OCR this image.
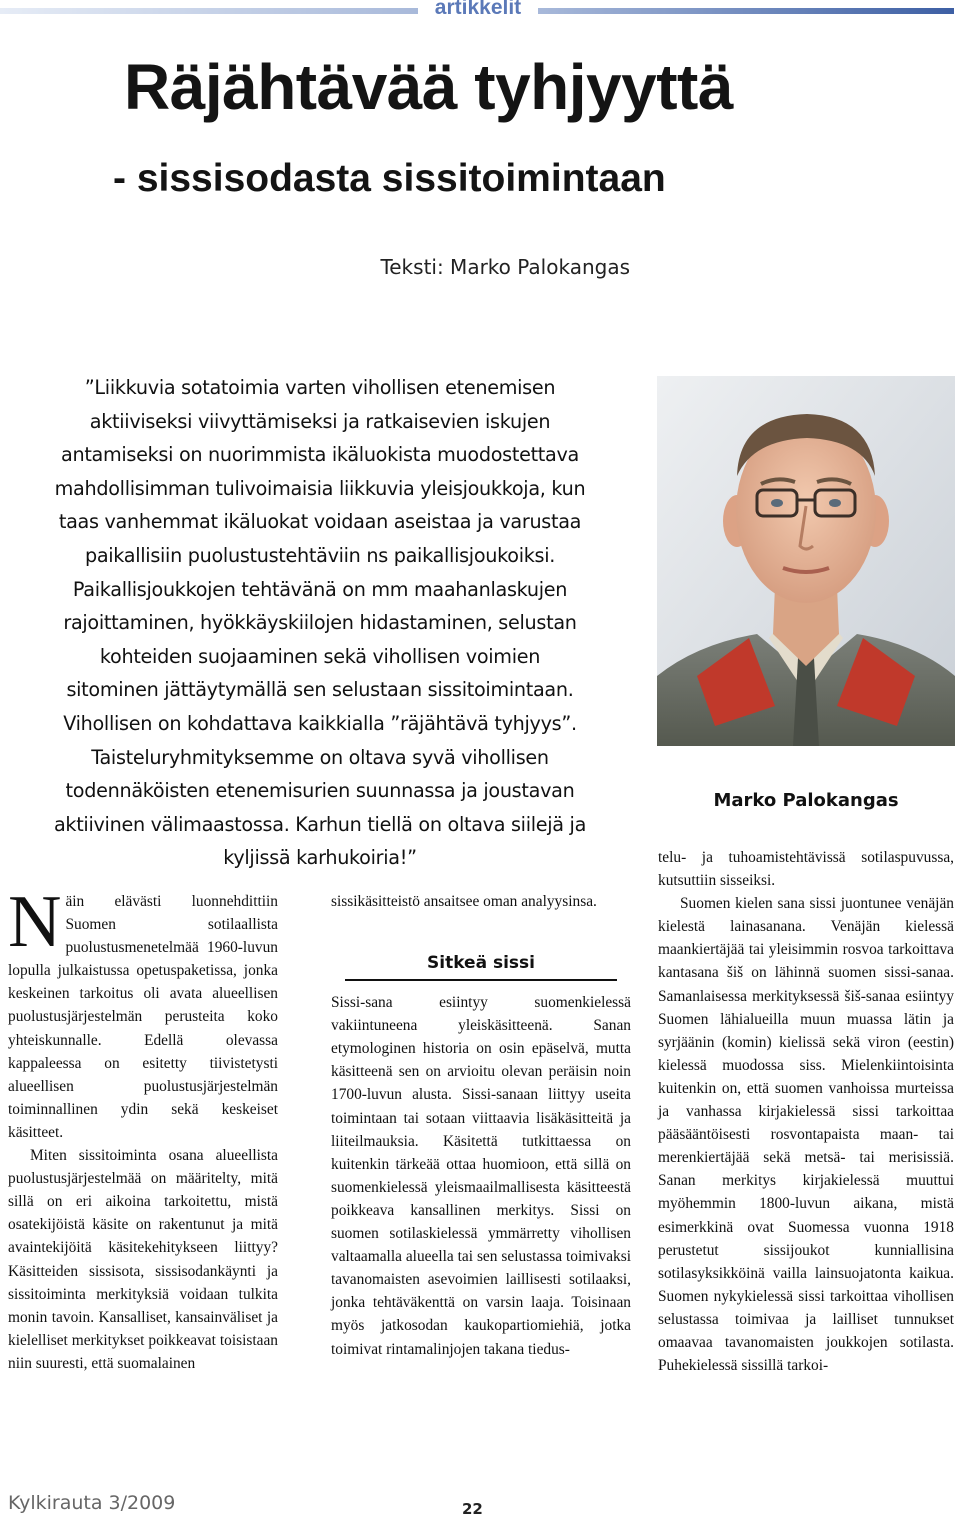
artikkelit
Räjähtävää tyhjyyttä
- sissisodasta sissitoimintaan
Teksti: Marko Palokangas
”Liikkuvia sotatoimia varten vihollisen etenemisen
aktiiviseksi viivyttämiseksi ja ratkaisevien iskujen
antamiseksi on nuorimmista ikäluokista muodostettava
mahdollisimman tulivoimaisia liikkuvia yleisjoukkoja, kun
taas vanhemmat ikäluokat voidaan aseistaa ja varustaa
paikallisiin puolustustehtäviin ns paikallisjoukoiksi.
Paikallisjoukkojen tehtävänä on mm maahanlaskujen
rajoittaminen, hyökkäyskiilojen hidastaminen, selustan
kohteiden suojaaminen sekä vihollisen voimien
sitominen jättäytymällä sen selustaan sissitoimintaan.
Vihollisen on kohdattava kaikkialla ”räjähtävä tyhjyys”.
Taisteluryhmityksemme on oltava syvä vihollisen
todennäköisten etenemisurien suunnassa ja joustavan
aktiivinen välimaastossa. Karhun tiellä on oltava siilejä ja
kyljissä karhukoiria!”
Marko Palokangas

Näin elävästi luonnehdittiin Suomen sotilaallista puolustusmenetelmää 1960-luvun lopulla julkaistussa opetuspaketissa, jonka keskeinen tarkoitus oli avata alueellisen puolustusjärjestelmän perusteita koko yhteiskunnalle. Edellä olevassa kappaleessa on esitetty tiivistetysti alueellisen puolustusjärjestelmän toiminnallinen ydin sekä keskeiset käsitteet.

Miten sissitoiminta osana alueellista puolustusjärjestelmää on määritelty, mitä sillä on eri aikoina tarkoitettu, mistä osatekijöistä käsite on rakentunut ja mitä avaintekijöitä käsitekehitykseen liittyy? Käsitteiden sissisota, sissisodankäynti ja sissitoiminta merkityksiä voidaan tulkita monin tavoin. Kansalliset, kansainväliset ja kielelliset merkitykset poikkeavat toisistaan niin suuresti, että suomalainen

sissikäsitteistö ansaitsee oman analyysinsa.

Sitkeä sissi

Sissi-sana esiintyy suomenkielessä vakiintuneena yleiskäsitteenä. Sanan etymologinen historia on osin epäselvä, mutta käsitteenä sen on arvioitu olevan peräisin noin 1700-luvun alusta. Sissi-sanaan liittyy useita toimintaan tai sotaan viittaavia lisäkäsitteitä ja liiteilmauksia. Käsitettä tutkittaessa on kuitenkin tärkeää ottaa huomioon, että sillä on suomenkielessä yleismaailmallisesta käsitteestä poikkeava kansallinen merkitys. Sissi on suomen sotilaskielessä ymmärretty vihollisen valtaamalla alueella tai sen selustassa toimivaksi tavanomaisten asevoimien laillisesti sotilaaksi, jonka tehtäväkenttä on varsin laaja. Toisinaan myös jatkosodan kaukopartiomiehiä, jotka toimivat rintamalinjojen takana tiedus-

telu- ja tuhoamistehtävissä sotilaspuvussa, kutsuttiin sisseiksi.

Suomen kielen sana sissi juontunee venäjän kielestä lainasanana. Venäjän kielessä maankiertäjää tai yleisimmin rosvoa tarkoittava kantasana šiš on lähinnä suomen sissi-sanaa. Samanlaisessa merkityksessä šiš-sanaa esiintyy Suomen lähialueilla muun muassa lätin ja syrjäänin (komin) kielissä sekä viron (eestin) kielessä muodossa siss. Mielenkiintoisinta kuitenkin on, että suomen vanhoissa murteissa ja vanhassa kirjakielessä sissi tarkoittaa pääsääntöisesti rosvontapaista maan- tai merenkiertäjää sekä metsä- tai merisissiä. Sanan merkitys kirjakielessä muuttui myöhemmin 1800-luvun aikana, mistä esimerkkinä ovat Suomessa vuonna 1918 perustetut sissijoukot kunniallisina sotilasyksikköinä vailla lainsuojatonta kaikua. Suomen nykykielessä sissi tarkoittaa vihollisen selustassa toimivaa ja lailliset tunnukset omaavaa tavanomaisten joukkojen sotilasta. Puhekielessä sissillä tarkoi-

Kylkirauta 3/2009	22
